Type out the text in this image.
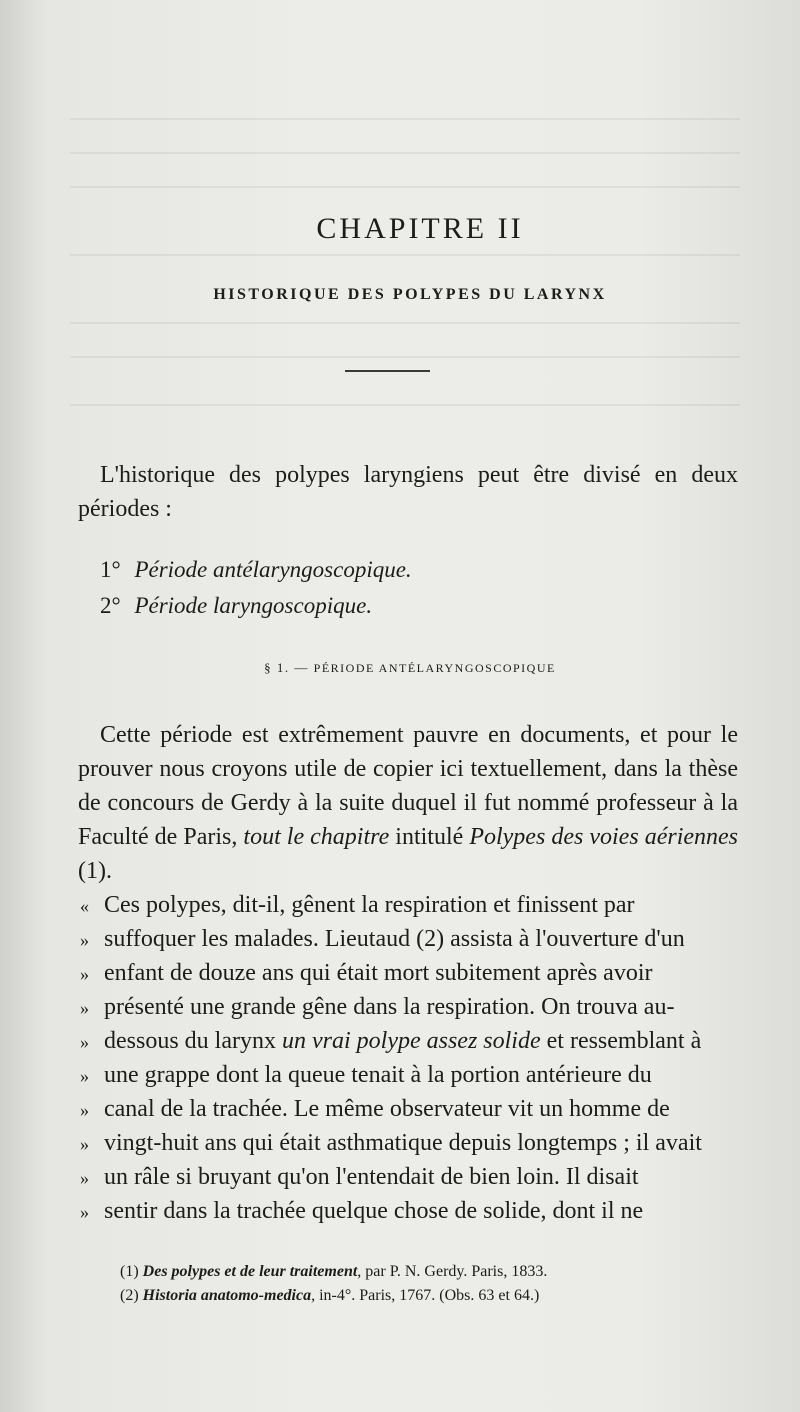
CHAPITRE II
HISTORIQUE DES POLYPES DU LARYNX
L'historique des polypes laryngiens peut être divisé en deux périodes :
1° Période antélaryngoscopique.
2° Période laryngoscopique.
§ 1. — PÉRIODE ANTÉLARYNGOSCOPIQUE
Cette période est extrêmement pauvre en documents, et pour le prouver nous croyons utile de copier ici textuellement, dans la thèse de concours de Gerdy à la suite duquel il fut nommé professeur à la Faculté de Paris, tout le chapitre intitulé Polypes des voies aériennes (1).
« Ces polypes, dit-il, gênent la respiration et finissent par
» suffoquer les malades. Lieutaud (2) assista à l'ouverture d'un
» enfant de douze ans qui était mort subitement après avoir
» présenté une grande gêne dans la respiration. On trouva au-
» dessous du larynx un vrai polype assez solide et ressemblant à
» une grappe dont la queue tenait à la portion antérieure du
» canal de la trachée. Le même observateur vit un homme de
» vingt-huit ans qui était asthmatique depuis longtemps ; il avait
» un râle si bruyant qu'on l'entendait de bien loin. Il disait
» sentir dans la trachée quelque chose de solide, dont il ne
(1) Des polypes et de leur traitement, par P. N. Gerdy. Paris, 1833.
(2) Historia anatomo-medica, in-4°. Paris, 1767. (Obs. 63 et 64.)
